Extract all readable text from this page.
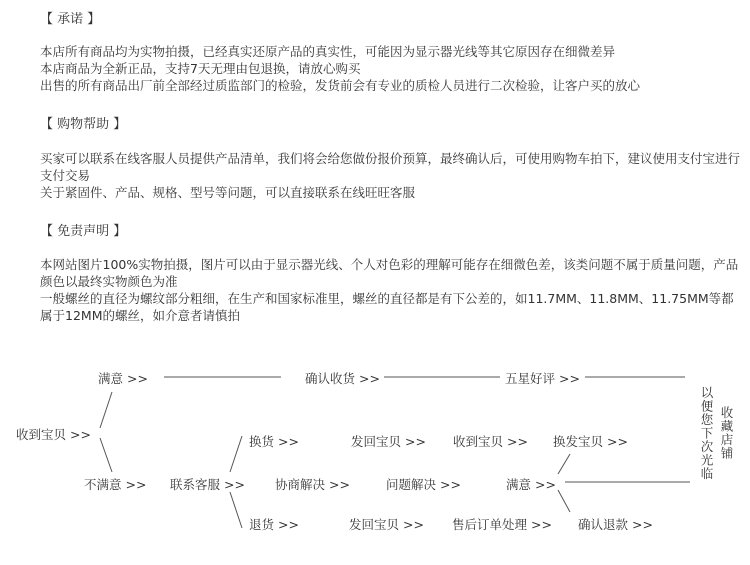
【 承诺 】

本店所有商品均为实物拍摄，已经真实还原产品的真实性，可能因为显示器光线等其它原因存在细微差异

本店商品为全新正品，支持7天无理由包退换，请放心购买

出售的所有商品出厂前全部经过质监部门的检验，发货前会有专业的质检人员进行二次检验，让客户买的放心

【 购物帮助 】

买家可以联系在线客服人员提供产品清单，我们将会给您做份报价预算，最终确认后，可使用购物车拍下，建议使用支付宝进行支付交易

关于紧固件、产品、规格、型号等问题，可以直接联系在线旺旺客服

【 免责声明 】

本网站图片100%实物拍摄，图片可以由于显示器光线、个人对色彩的理解可能存在细微色差，该类问题不属于质量问题，产品颜色以最终实物颜色为准

一般螺丝的直径为螺纹部分粗细，在生产和国家标准里，螺丝的直径都是有下公差的，如11.7MM、11.8MM、11.75MM等都属于12MM的螺丝，如介意者请慎拍

收到宝贝 >>
满意 >>	确认收货 >>	五星好评 >>
收藏店铺
以便您下次光临
不满意 >> 联系客服 >>
换货 >>
退货 >>
协商解决 >>	问题解决 >>
发回宝贝 >>
发回宝贝 >>
收到宝贝 >> 换发宝贝 >>
满意 >>
售后订单处理 >> 确认退款 >>
